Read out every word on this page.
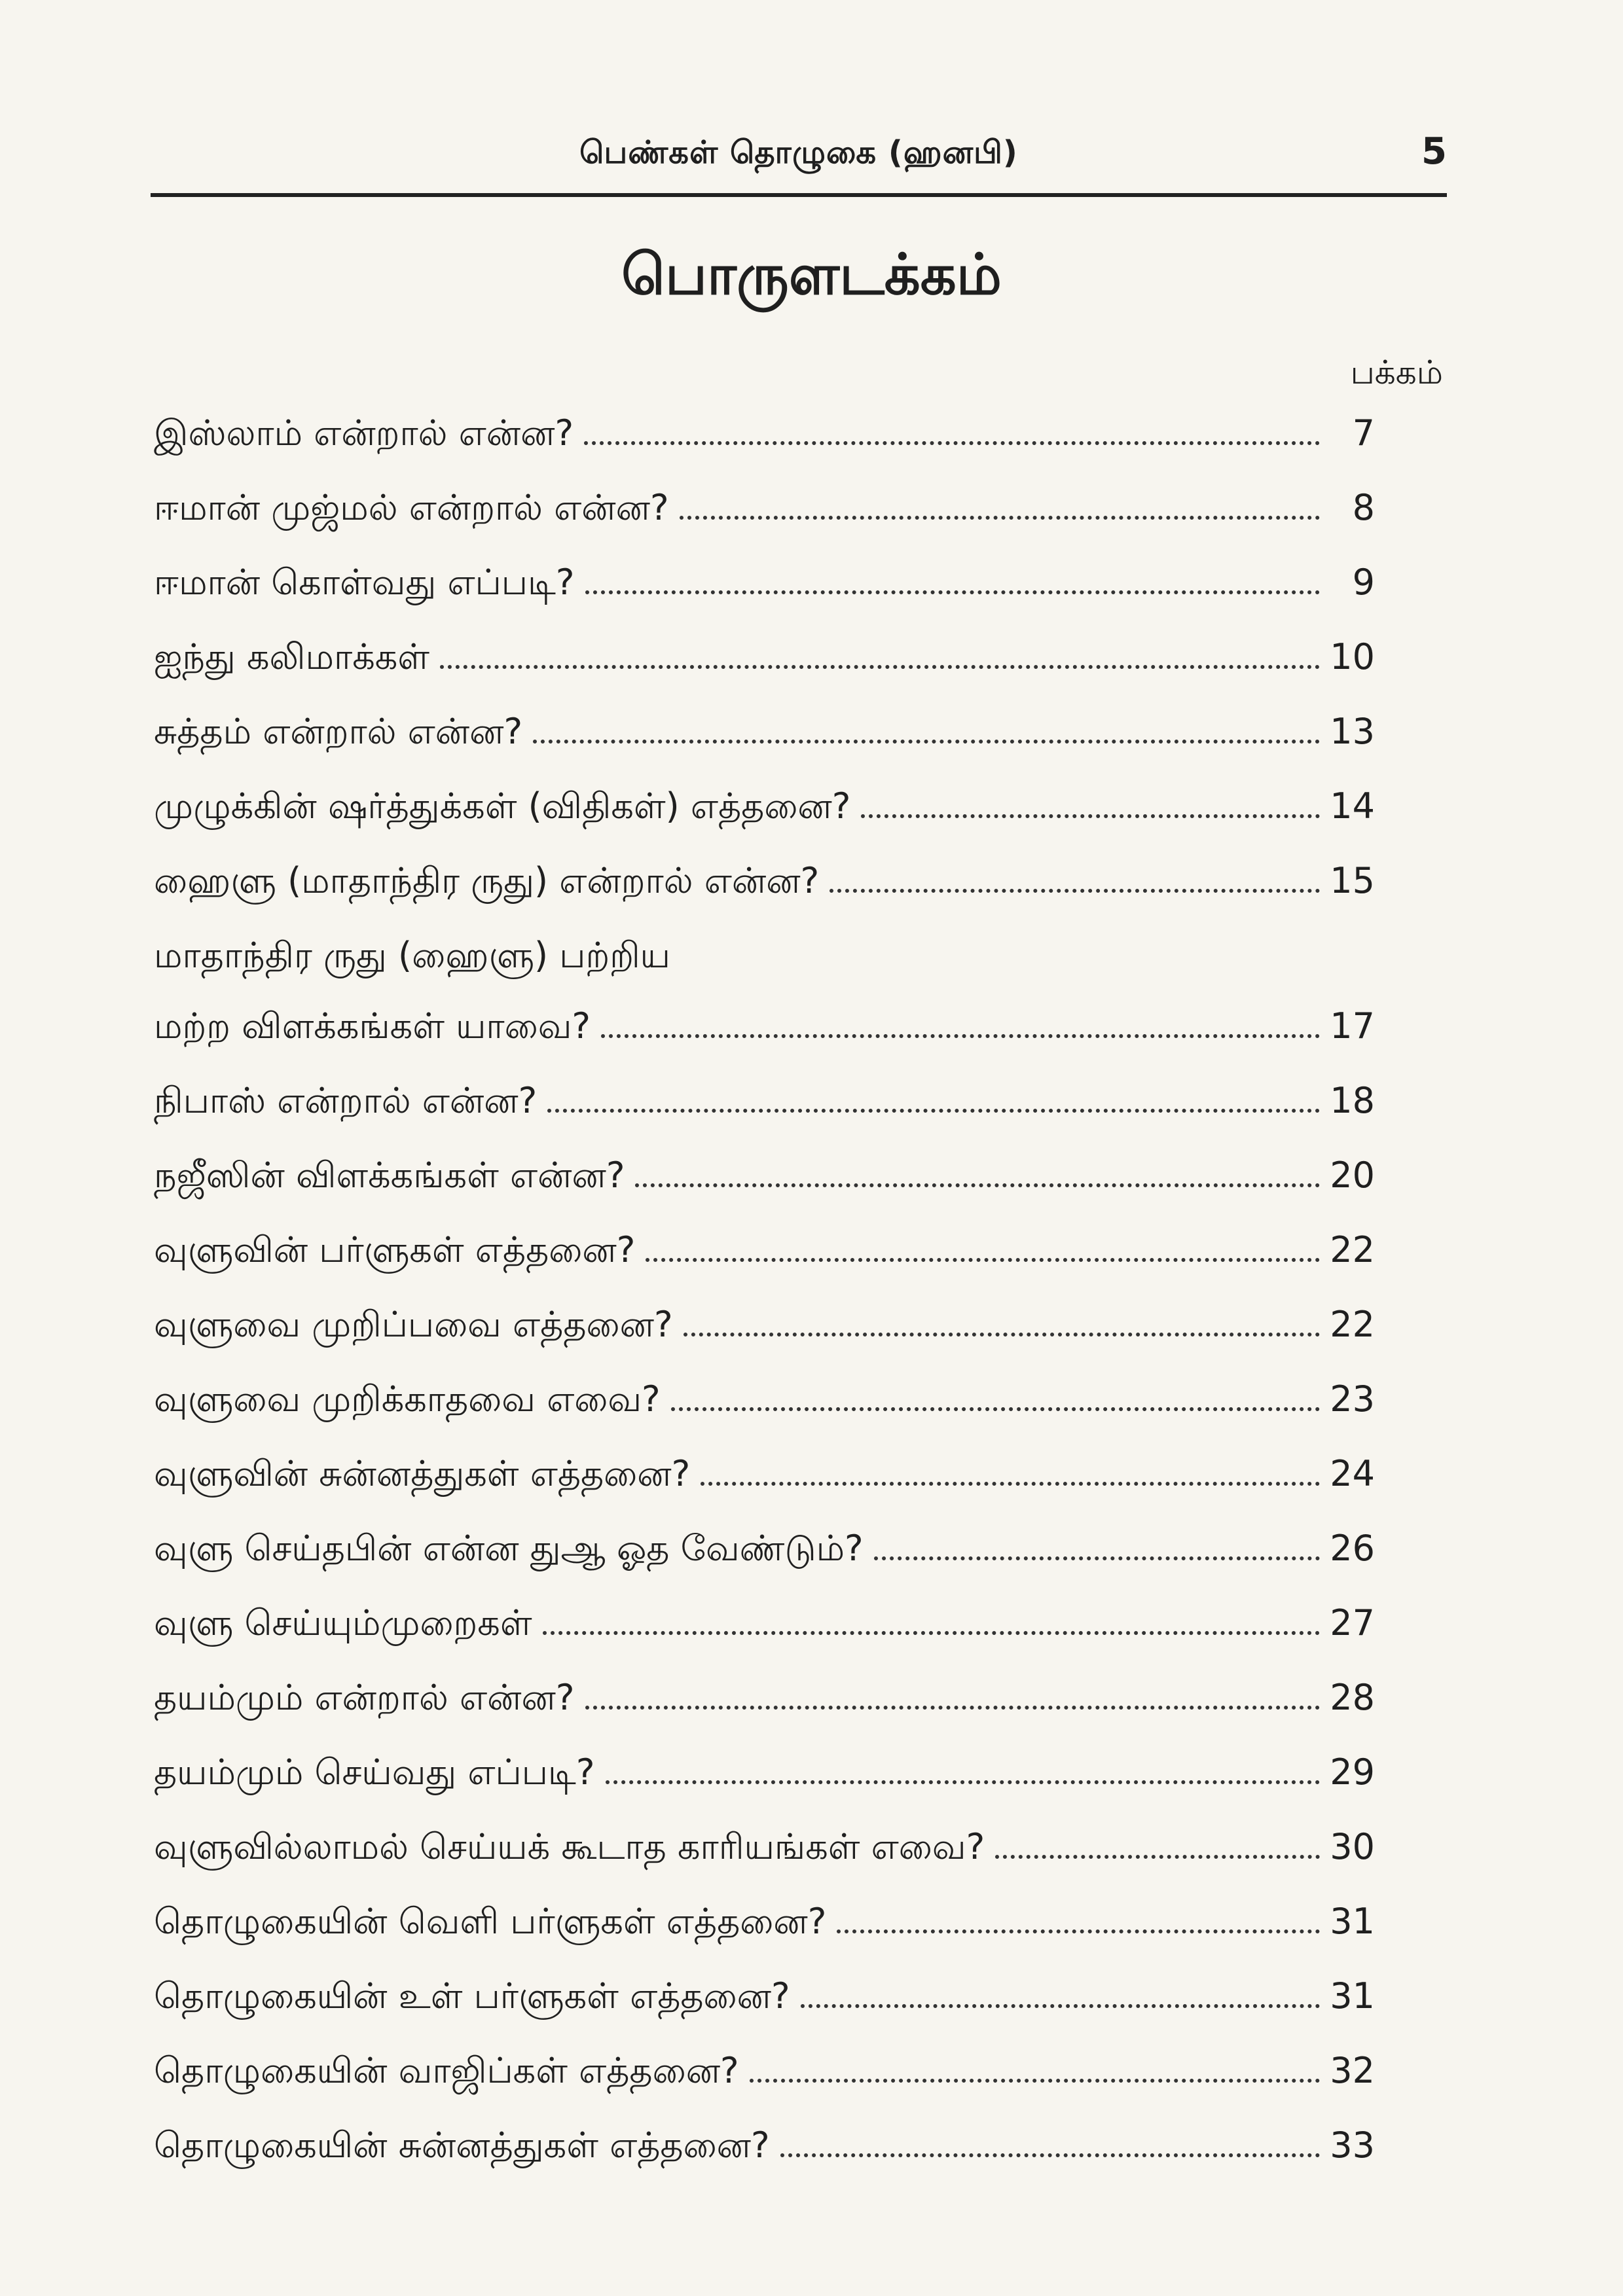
பெண்கள் தொழுகை (ஹனபி)	5
பொருளடக்கம்
பக்கம்
இஸ்லாம் என்றால் என்ன?	7
ஈமான் முஜ்மல் என்றால் என்ன?	8
ஈமான் கொள்வது எப்படி?	9
ஐந்து கலிமாக்கள்	10
சுத்தம் என்றால் என்ன?	13
முழுக்கின் ஷர்த்துக்கள் (விதிகள்) எத்தனை?	14
ஹைளு (மாதாந்திர ருது) என்றால் என்ன?	15
மாதாந்திர ருது (ஹைளு) பற்றிய
மற்ற விளக்கங்கள் யாவை?	17
நிபாஸ் என்றால் என்ன?	18
நஜீஸின் விளக்கங்கள் என்ன?	20
வுளுவின் பர்ளுகள் எத்தனை?	22
வுளுவை முறிப்பவை எத்தனை?	22
வுளுவை முறிக்காதவை எவை?	23
வுளுவின் சுன்னத்துகள் எத்தனை?	24
வுளு செய்தபின் என்ன துஆ ஓத வேண்டும்?	26
வுளு செய்யும்முறைகள்	27
தயம்மும் என்றால் என்ன?	28
தயம்மும் செய்வது எப்படி?	29
வுளுவில்லாமல் செய்யக் கூடாத காரியங்கள் எவை?	30
தொழுகையின் வெளி பர்ளுகள் எத்தனை?	31
தொழுகையின் உள் பர்ளுகள் எத்தனை?	31
தொழுகையின் வாஜிப்கள் எத்தனை?	32
தொழுகையின் சுன்னத்துகள் எத்தனை?	33
